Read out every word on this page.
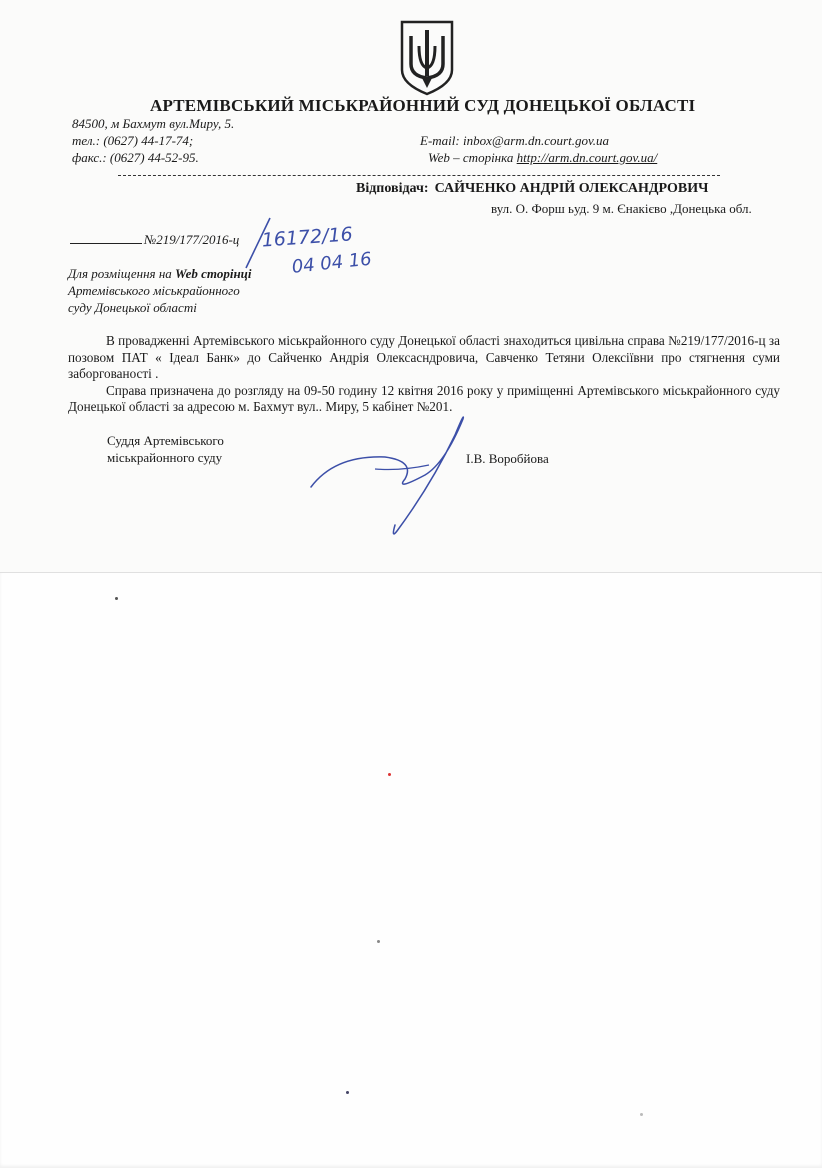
АРТЕМІВСЬКИЙ МІСЬКРАЙОННИЙ СУД ДОНЕЦЬКОЇ ОБЛАСТІ
84500, м Бахмут вул.Миру, 5.
тел.: (0627) 44-17-74;
факс.: (0627) 44-52-95.
E-mail: inbox@arm.dn.court.gov.ua
Web – сторінка http://arm.dn.court.gov.ua/
Відповідач: САЙЧЕНКО АНДРІЙ ОЛЕКСАНДРОВИЧ
вул. О. Форш ьуд. 9 м. Єнакієво ,Донецька обл.
№219/177/2016-ц 16172/16
04 04 16
Для розміщення на Web сторінці
Артемівського міськрайонного
суду Донецької області

В провадженні Артемівського міськрайонного суду Донецької області знаходиться цивільна справа №219/177/2016-ц за позовом ПАТ « Ідеал Банк» до Сайченко Андрія Олексасндровича, Савченко Тетяни Олексіївни про стягнення суми заборгованості .

Справа призначена до розгляду на 09-50 годину 12 квітня 2016 року у приміщенні Артемівського міськрайонного суду Донецької області за адресою м. Бахмут вул.. Миру, 5 кабінет №201.

Суддя Артемівського
міськрайонного суду	І.В. Воробйова
